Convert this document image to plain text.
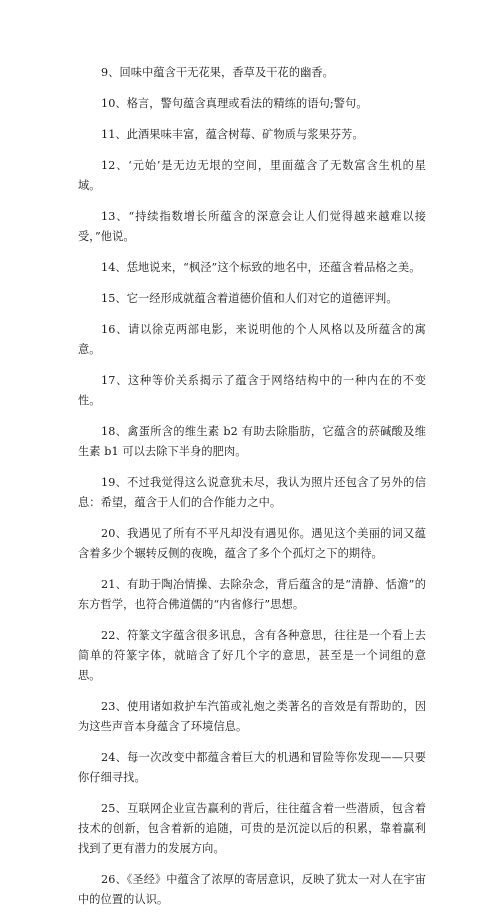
9、回味中蕴含干无花果，香草及干花的幽香。

10、格言，警句蕴含真理或看法的精练的语句;警句。

11、此酒果味丰富，蕴含树莓、矿物质与浆果芬芳。

12、‘元始’是无边无垠的空间，里面蕴含了无数富含生机的星域。

13、“持续指数增长所蕴含的深意会让人们觉得越来越难以接受，”他说。

14、恁地说来，“枫泾”这个标致的地名中，还蕴含着品格之美。

15、它一经形成就蕴含着道德价值和人们对它的道德评判。

16、请以徐克两部电影，来说明他的个人风格以及所蕴含的寓意。

17、这种等价关系揭示了蕴含于网络结构中的一种内在的不变性。

18、禽蛋所含的维生素 b2 有助去除脂肪，它蕴含的菸碱酸及维生素 b1 可以去除下半身的肥肉。

19、不过我觉得这么说意犹未尽，我认为照片还包含了另外的信息：希望，蕴含于人们的合作能力之中。

20、我遇见了所有不平凡却没有遇见你。遇见这个美丽的词又蕴含着多少个辗转反侧的夜晚，蕴含了多个个孤灯之下的期待。

21、有助于陶冶情操、去除杂念，背后蕴含的是“清静、恬澹”的东方哲学，也符合佛道儒的“内省修行”思想。

22、符篆文字蕴含很多讯息，含有各种意思，往往是一个看上去简单的符篆字体，就暗含了好几个字的意思，甚至是一个词组的意思。

23、使用诸如救护车汽笛或礼炮之类著名的音效是有帮助的，因为这些声音本身蕴含了环境信息。

24、每一次改变中都蕴含着巨大的机遇和冒险等你发现——只要你仔细寻找。

25、互联网企业宣告赢利的背后，往往蕴含着一些潜质，包含着技术的创新，包含着新的追随，可贵的是沉淀以后的积累，靠着赢利找到了更有潜力的发展方向。

26、《圣经》中蕴含了浓厚的寄居意识，反映了犹太一对人在宇宙中的位置的认识。
